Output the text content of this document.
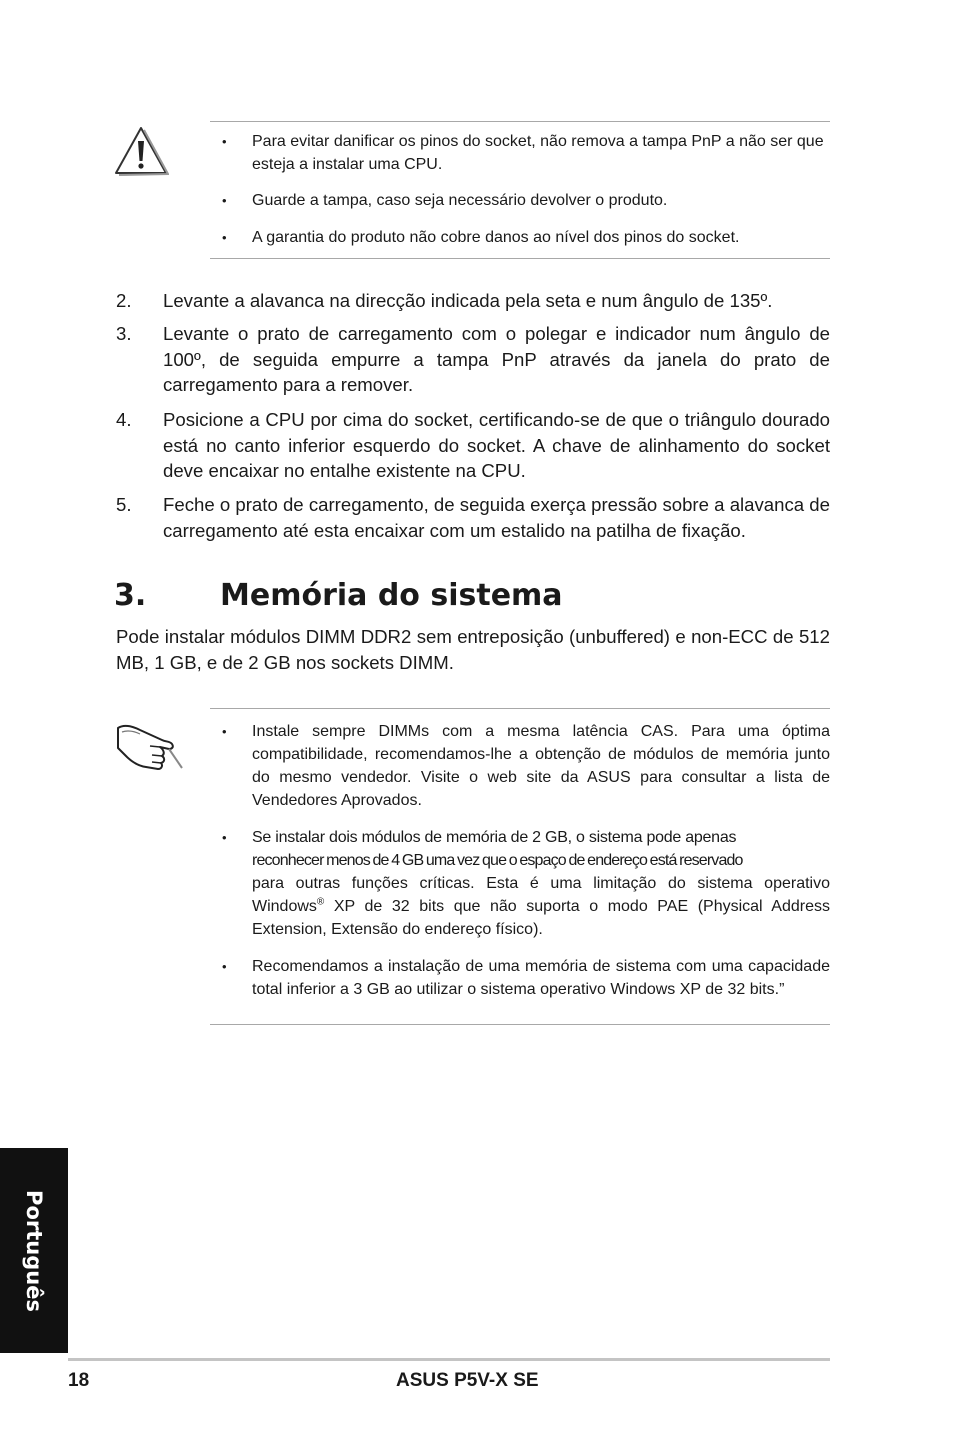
• Para evitar danificar os pinos do socket, não remova a tampa PnP a não ser que esteja a instalar uma CPU.
• Guarde a tampa, caso seja necessário devolver o produto.
• A garantia do produto não cobre danos ao nível dos pinos do socket.
2. Levante a alavanca na direcção indicada pela seta e num ângulo de 135º.
3. Levante o prato de carregamento com o polegar e indicador num ângulo de 100º, de seguida empurre a tampa PnP através da janela do prato de carregamento para a remover.
4. Posicione a CPU por cima do socket, certificando-se de que o triângulo dourado está no canto inferior esquerdo do socket. A chave de alinhamento do socket deve encaixar no entalhe existente na CPU.
5. Feche o prato de carregamento, de seguida exerça pressão sobre a alavanca de carregamento até esta encaixar com um estalido na patilha de fixação.
3. Memória do sistema
Pode instalar módulos DIMM DDR2 sem entreposição (unbuffered) e non-ECC de 512 MB, 1 GB, e de 2 GB nos sockets DIMM.
• Instale sempre DIMMs com a mesma latência CAS. Para uma óptima compatibilidade, recomendamos-lhe a obtenção de módulos de memória junto do mesmo vendedor. Visite o web site da ASUS para consultar a lista de Vendedores Aprovados.
• Se instalar dois módulos de memória de 2 GB, o sistema pode apenas
reconhecer menos de 4 GB uma vez que o espaço de endereço está reservado
para outras funções críticas. Esta é uma limitação do sistema operativo Windows® XP de 32 bits que não suporta o modo PAE (Physical Address Extension, Extensão do endereço físico).
• Recomendamos a instalação de uma memória de sistema com uma capacidade total inferior a 3 GB ao utilizar o sistema operativo Windows XP de 32 bits.”
Português
18	ASUS P5V-X SE
